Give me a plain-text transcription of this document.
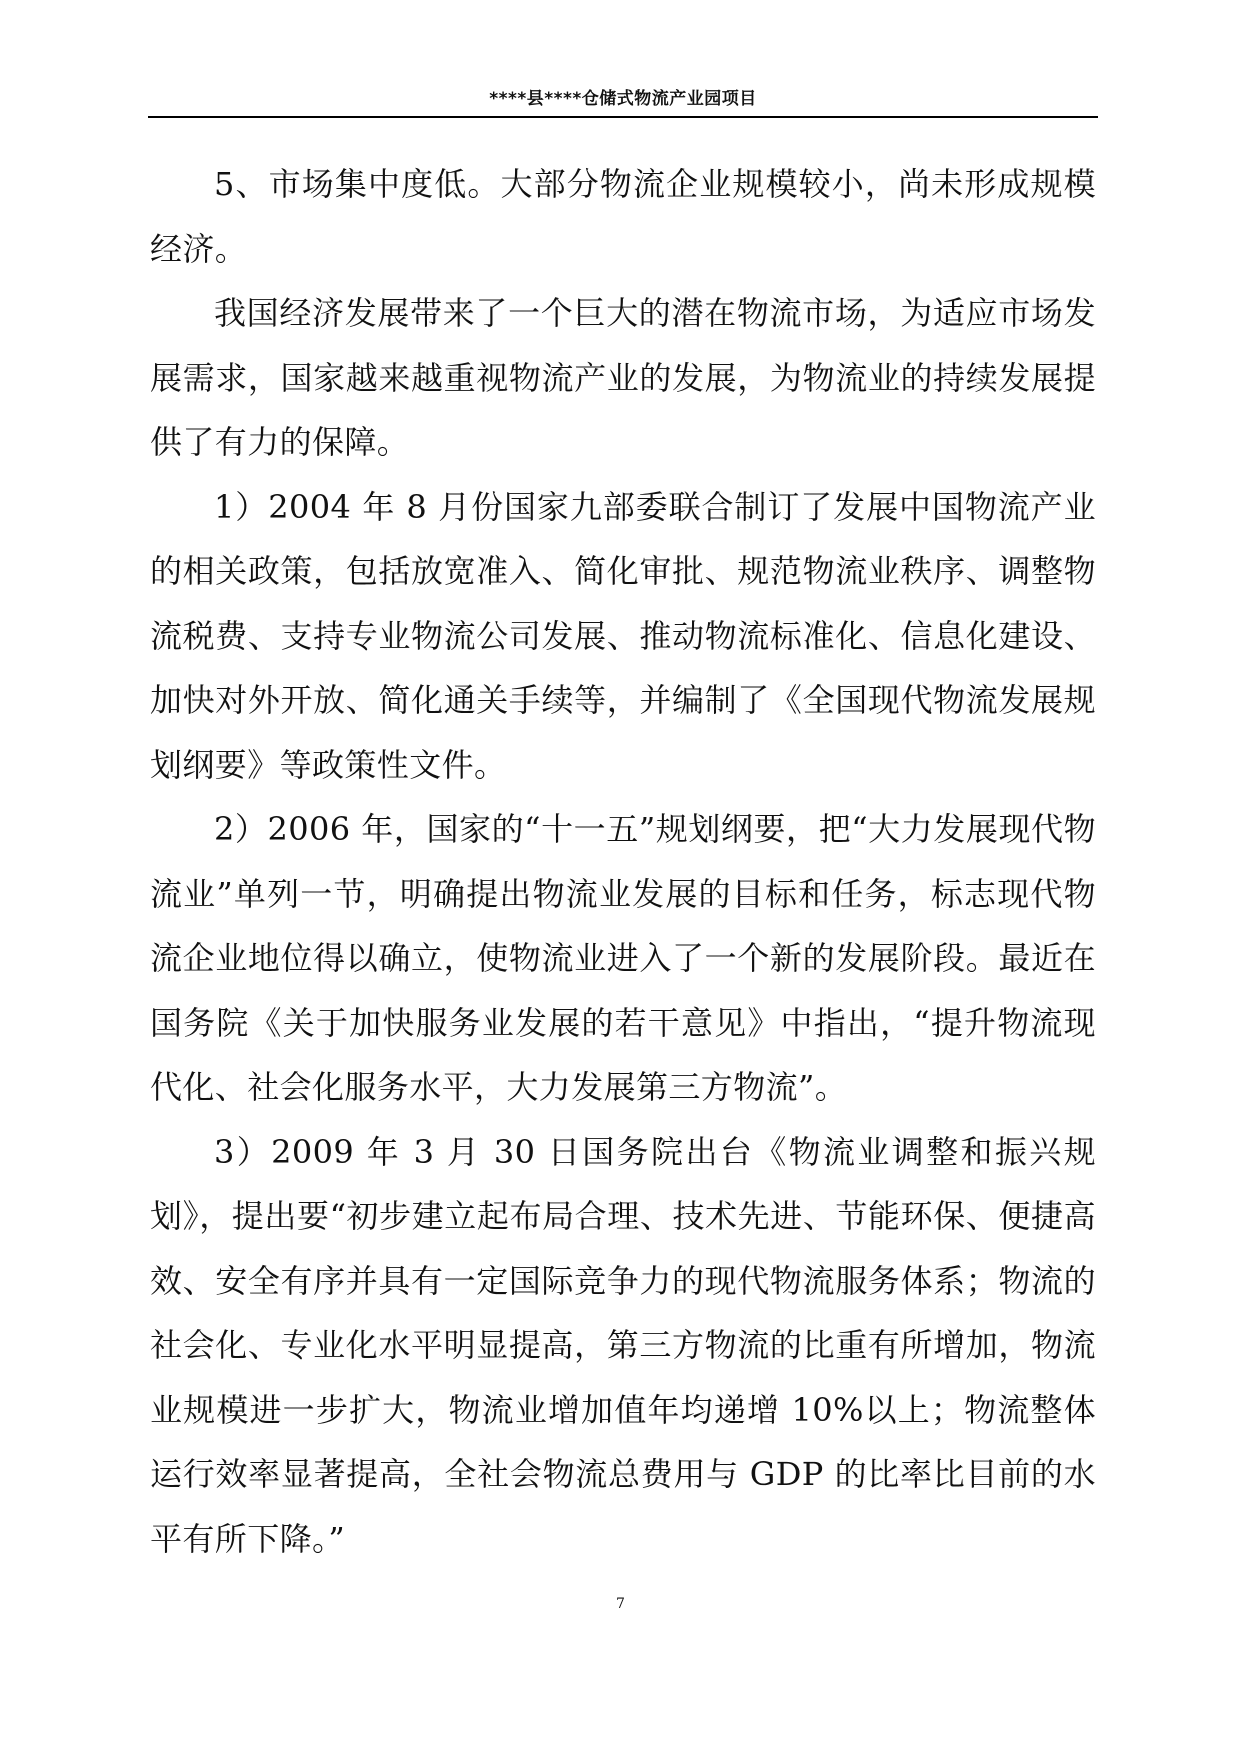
****县****仓储式物流产业园项目

5、市场集中度低。大部分物流企业规模较小，尚未形成规模经济。

我国经济发展带来了一个巨大的潜在物流市场，为适应市场发展需求，国家越来越重视物流产业的发展，为物流业的持续发展提供了有力的保障。

1）2004 年 8 月份国家九部委联合制订了发展中国物流产业的相关政策，包括放宽准入、简化审批、规范物流业秩序、调整物流税费、支持专业物流公司发展、推动物流标准化、信息化建设、加快对外开放、简化通关手续等，并编制了《全国现代物流发展规划纲要》等政策性文件。

2）2006 年，国家的“十一五”规划纲要，把“大力发展现代物流业”单列一节，明确提出物流业发展的目标和任务，标志现代物流企业地位得以确立，使物流业进入了一个新的发展阶段。最近在国务院《关于加快服务业发展的若干意见》中指出，“提升物流现代化、社会化服务水平，大力发展第三方物流”。

3）2009 年 3 月 30 日国务院出台《物流业调整和振兴规划》，提出要“初步建立起布局合理、技术先进、节能环保、便捷高效、安全有序并具有一定国际竞争力的现代物流服务体系；物流的社会化、专业化水平明显提高，第三方物流的比重有所增加，物流业规模进一步扩大，物流业增加值年均递增 10%以上；物流整体运行效率显著提高，全社会物流总费用与 GDP 的比率比目前的水平有所下降。”

7
